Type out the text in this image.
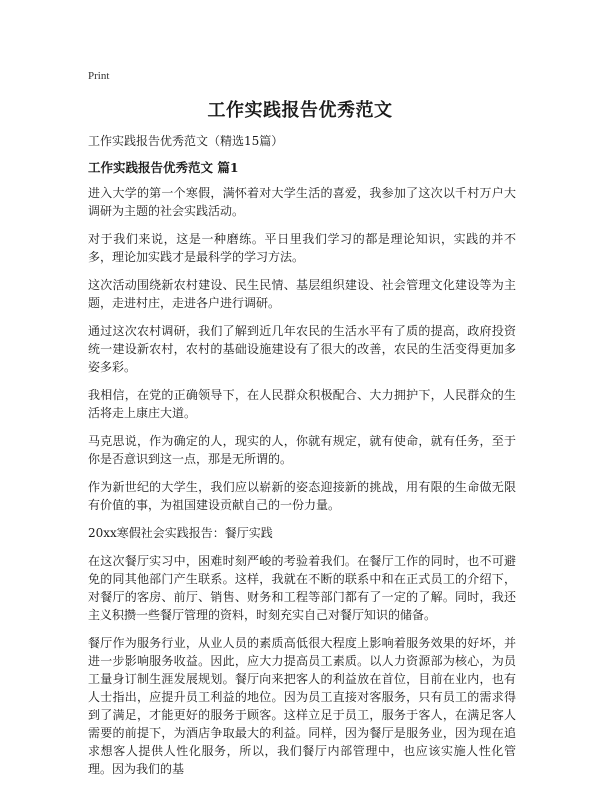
Print
工作实践报告优秀范文
工作实践报告优秀范文（精选15篇）
工作实践报告优秀范文 篇1

进入大学的第一个寒假，满怀着对大学生活的喜爱，我参加了这次以千村万户大调研为主题的社会实践活动。

对于我们来说，这是一种磨练。平日里我们学习的都是理论知识，实践的并不多，理论加实践才是最科学的学习方法。

这次活动围绕新农村建设、民生民情、基层组织建设、社会管理文化建设等为主题，走进村庄，走进各户进行调研。

通过这次农村调研，我们了解到近几年农民的生活水平有了质的提高，政府投资统一建设新农村，农村的基础设施建设有了很大的改善，农民的生活变得更加多姿多彩。

我相信，在党的正确领导下，在人民群众积极配合、大力拥护下，人民群众的生活将走上康庄大道。

马克思说，作为确定的人，现实的人，你就有规定，就有使命，就有任务，至于你是否意识到这一点，那是无所谓的。

作为新世纪的大学生，我们应以崭新的姿态迎接新的挑战，用有限的生命做无限有价值的事，为祖国建设贡献自己的一份力量。

20xx寒假社会实践报告：餐厅实践

在这次餐厅实习中，困难时刻严峻的考验着我们。在餐厅工作的同时，也不可避免的同其他部门产生联系。这样，我就在不断的联系中和在正式员工的介绍下，对餐厅的客房、前厅、销售、财务和工程等部门都有了一定的了解。同时，我还主义积攒一些餐厅管理的资料，时刻充实自己对餐厅知识的储备。

餐厅作为服务行业，从业人员的素质高低很大程度上影响着服务效果的好坏，并进一步影响服务收益。因此，应大力提高员工素质。以人力资源部为核心，为员工量身订制生涯发展规划。餐厅向来把客人的利益放在首位，目前在业内，也有人士指出，应提升员工利益的地位。因为员工直接对客服务，只有员工的需求得到了满足，才能更好的服务于顾客。这样立足于员工，服务于客人，在满足客人需要的前提下，为酒店争取最大的利益。同样，因为餐厅是服务业，因为现在追求想客人提供人性化服务，所以，我们餐厅内部管理中，也应该实施人性化管理。因为我们的基
